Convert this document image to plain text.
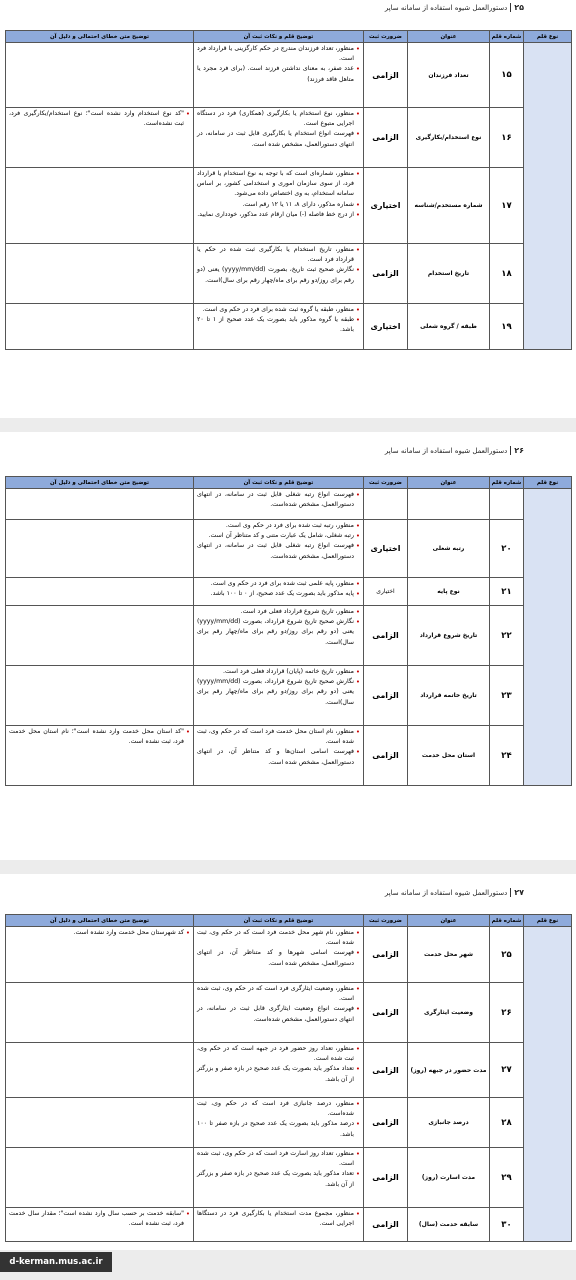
۲۵دستورالعمل شیوه استفاده از سامانه ساپر
نوع قلم	شماره قلم	عنوان	ضرورت ثبت	توضیح قلم و نکات ثبت آن	توضیح متن خطای احتمالی و دلیل آن
	۱۵	تعداد فرزندان	الزامی	• منظور، تعداد فرزندان مندرج در حکم کارگزینی یا قرارداد فرد است.

• عدد صفر، به معنای نداشتن فرزند است. (برای فرد مجرد یا متاهل فاقد فرزند)

	۱۶	نوع استخدام/بکارگیری	الزامی	• منظور، نوع استخدام یا بکارگیری (همکاری) فرد در دستگاه اجرایی متبوع است.

• فهرست انواع استخدام یا بکارگیری قابل ثبت در سامانه، در انتهای دستورالعمل، مشخص شده است.	• "کد نوع استخدام وارد نشده است"؛ نوع استخدام/بکارگیری فرد، ثبت نشده‌است.

	۱۷	شماره مستخدم/شناسه	اختیاری	• منظور، شماره‌ای است که با توجه به نوع استخدام یا قرارداد فرد، از سوی سازمان اموری و استخدامی کشور، بر اساس سامانه استخدام، به وی اختصاص داده می‌شود.

• شماره مذکور، دارای ۸، ۱۱ یا ۱۲ رقم است.

• از درج خط فاصله (-) میان ارقام عدد مذکور، خودداری نمایید.

	۱۸	تاریخ استخدام	الزامی	• منظور، تاریخ استخدام یا بکارگیری ثبت شده در حکم یا قرارداد فرد است.

• نگارش صحیح ثبت تاریخ، بصورت (yyyy/mm/dd) یعنی (دو رقم برای روز/دو رقم برای ماه/چهار رقم برای سال)است.

	۱۹	طبقه / گروه شغلی	اختیاری	• منظور، طبقه یا گروه ثبت شده برای فرد در حکم وی است.

• طبقه یا گروه مذکور باید بصورت یک عدد صحیح از ۱ تا ۲۰ باشد.

۲۶دستورالعمل شیوه استفاده از سامانه ساپر
نوع قلم	شماره قلم	عنوان	ضرورت ثبت	توضیح قلم و نکات ثبت آن	توضیح متن خطای احتمالی و دلیل آن

				• فهرست انواع رتبه شغلی قابل ثبت در سامانه، در انتهای دستورالعمل، مشخص شده‌است.

	۲۰	رتبه شغلی	اختیاری	• منظور، رتبه ثبت شده برای فرد در حکم وی است.

• رتبه شغلی، شامل یک عبارت متنی و کد متناظر آن است.

• فهرست انواع رتبه شغلی قابل ثبت در سامانه، در انتهای دستورالعمل، مشخص شده‌است.

	۲۱	نوع پایه	اختیاری	• منظور، پایه علمی ثبت شده برای فرد در حکم وی است.

• پایه مذکور باید بصورت یک عدد صحیح، از ۰ تا ۱۰۰ باشد.

	۲۲	تاریخ شروع قرارداد	الزامی	• منظور، تاریخ شروع قرارداد فعلی فرد است.

• نگارش صحیح تاریخ شروع قرارداد، بصورت (yyyy/mm/dd) یعنی (دو رقم برای روز/دو رقم برای ماه/چهار رقم برای سال)است.

	۲۳	تاریخ خاتمه قرارداد	الزامی	• منظور، تاریخ خاتمه (پایان) قرارداد فعلی فرد است.

• نگارش صحیح تاریخ شروع قرارداد، بصورت (yyyy/mm/dd) یعنی (دو رقم برای روز/دو رقم برای ماه/چهار رقم برای سال)است.

	۲۴	استان محل خدمت	الزامی	• منظور، نام استان محل خدمت فرد است که در حکم وی، ثبت شده است.

• فهرست اسامی استان‌ها و کد متناظر آن، در انتهای دستورالعمل، مشخص شده است.	• "کد استان محل خدمت وارد نشده است"؛ نام استان محل خدمت فرد، ثبت نشده است.

۲۷دستورالعمل شیوه استفاده از سامانه ساپر
نوع قلم	شماره قلم	عنوان	ضرورت ثبت	توضیح قلم و نکات ثبت آن	توضیح متن خطای احتمالی و دلیل آن
	۲۵	شهر محل خدمت	الزامی	• منظور، نام شهر محل خدمت فرد است که در حکم وی، ثبت شده است.

• فهرست اسامی شهرها و کد متناظر آن، در انتهای دستورالعمل، مشخص شده است.	• کد شهرستان محل خدمت وارد نشده است.

	۲۶	وضعیت ایثارگری	الزامی	• منظور، وضعیت ایثارگری فرد است که در حکم وی، ثبت شده است.

• فهرست انواع وضعیت ایثارگری قابل ثبت در سامانه، در انتهای دستورالعمل، مشخص شده‌است.

	۲۷	مدت حضور در جبهه (روز)	الزامی	• منظور، تعداد روز حضور فرد در جبهه است که در حکم وی، ثبت شده است.

• تعداد مذکور باید بصورت یک عدد صحیح در بازه صفر و بزرگتر از آن باشد.

	۲۸	درصد جانبازی	الزامی	• منظور، درصد جانبازی فرد است که در حکم وی، ثبت شده‌است.

• درصد مذکور باید بصورت یک عدد صحیح در بازه صفر تا ۱۰۰ باشد.

	۲۹	مدت اسارت (روز)	الزامی	• منظور، تعداد روز اسارت فرد است که در حکم وی، ثبت شده است.

• تعداد مذکور باید بصورت یک عدد صحیح در بازه صفر و بزرگتر از آن باشد.

	۳۰	سابقه خدمت (سال)	الزامی	• منظور، مجموع مدت استخدام یا بکارگیری فرد در دستگاها اجرایی است.	• "سابقه خدمت بر حسب سال وارد نشده است"؛ مقدار سال خدمت فرد، ثبت نشده است.

d-kerman.mus.ac.ir
